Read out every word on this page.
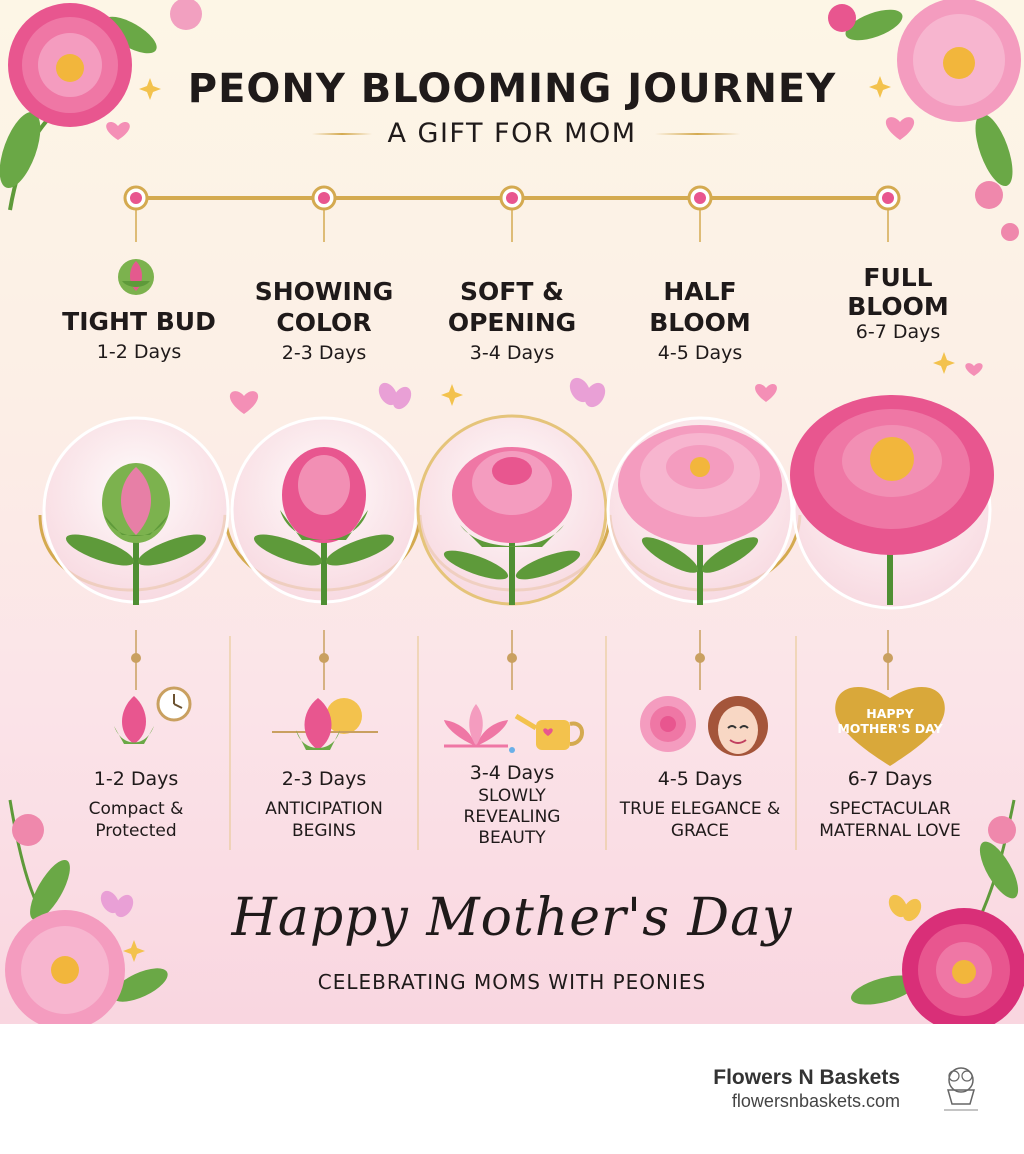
PEONY BLOOMING JOURNEY
A GIFT FOR MOM
TIGHT BUD
1-2 Days
SHOWING COLOR
2-3 Days
SOFT & OPENING
3-4 Days
HALF BLOOM
4-5 Days
FULL BLOOM
6-7 Days
HAPPY MOTHER'S DAY
1-2 Days
Compact & Protected
2-3 Days
ANTICIPATION BEGINS
3-4 Days
SLOWLY REVEALING BEAUTY
4-5 Days
TRUE ELEGANCE & GRACE
6-7 Days
SPECTACULAR MATERNAL LOVE
Happy Mother's Day
CELEBRATING MOMS WITH PEONIES
Flowers N Baskets
flowersnbaskets.com
